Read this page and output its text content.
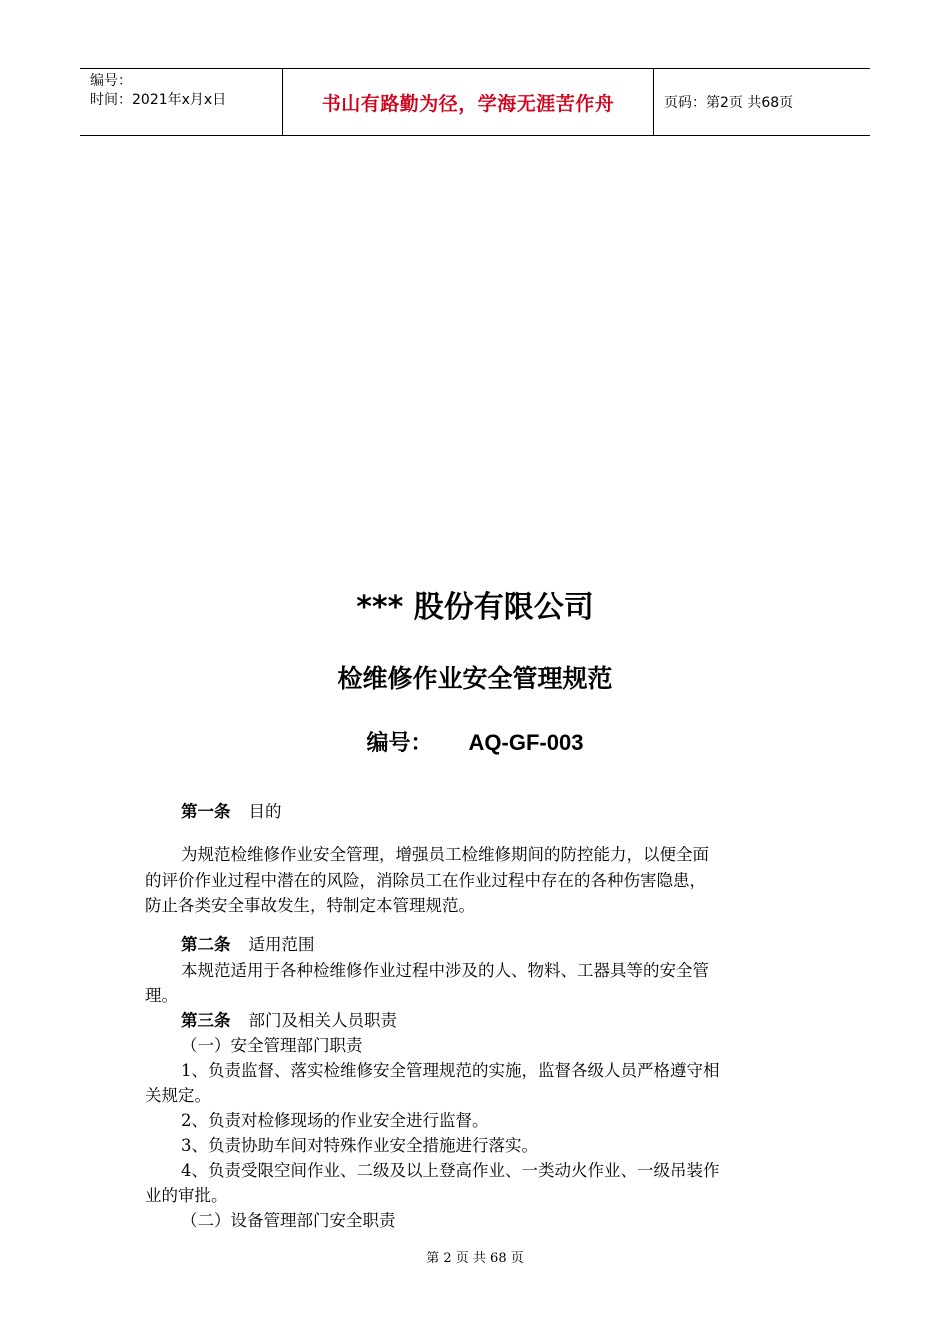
编号：
时间：2021年x月x日	书山有路勤为径，学海无涯苦作舟	页码：第2页 共68页
*** 股份有限公司
检维修作业安全管理规范
编号： AQ-GF-003
第一条 目的
为规范检维修作业安全管理，增强员工检维修期间的防控能力，以便全面
的评价作业过程中潜在的风险，消除员工在作业过程中存在的各种伤害隐患，
防止各类安全事故发生，特制定本管理规范。
第二条 适用范围
本规范适用于各种检维修作业过程中涉及的人、物料、工器具等的安全管
理。
第三条 部门及相关人员职责
（一）安全管理部门职责
1、负责监督、落实检维修安全管理规范的实施，监督各级人员严格遵守相
关规定。
2、负责对检修现场的作业安全进行监督。
3、负责协助车间对特殊作业安全措施进行落实。
4、负责受限空间作业、二级及以上登高作业、一类动火作业、一级吊装作
业的审批。
（二）设备管理部门安全职责
第 2 页 共 68 页
